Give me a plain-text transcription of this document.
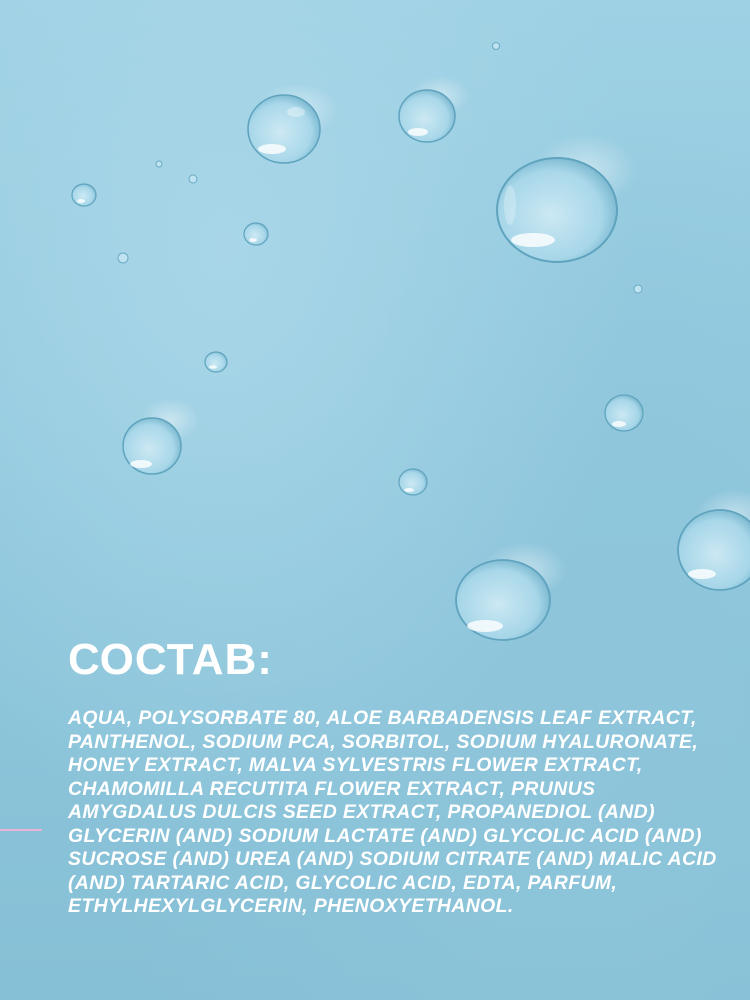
СОСТАВ:

AQUA, POLYSORBATE 80, ALOE BARBADENSIS LEAF EXTRACT, PANTHENOL, SODIUM PCA, SORBITOL, SODIUM HYALURONATE, HONEY EXTRACT, MALVA SYLVESTRIS FLOWER EXTRACT, CHAMOMILLA RECUTITA FLOWER EXTRACT, PRUNUS AMYGDALUS DULCIS SEED EXTRACT, PROPANEDIOL (AND) GLYCERIN (AND) SODIUM LACTATE (AND) GLYCOLIC ACID (AND) SUCROSE (AND) UREA (AND) SODIUM CITRATE (AND) MALIC ACID (AND) TARTARIC ACID, GLYCOLIC ACID, EDTA, PARFUM, ETHYLHEXYLGLYCERIN, PHENOXYETHANOL.
